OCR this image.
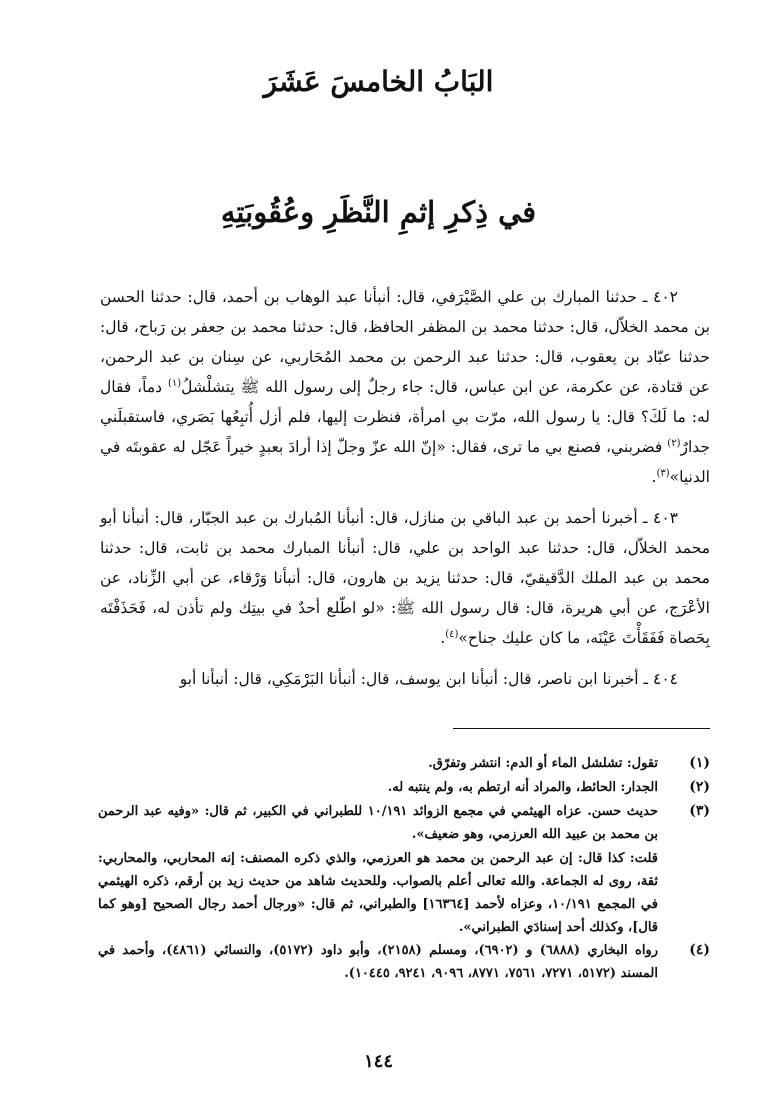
البَابُ الخامسَ عَشَرَ
في ذِكرِ إثمِ النَّظَرِ وعُقُوبَتِهِ

٤٠٢ ـ حدثنا المبارك بن علي الصَّيْرَفي، قال: أنبأنا عبد الوهاب بن أحمد، قال: حدثنا الحسن بن محمد الخلاّل، قال: حدثنا محمد بن المظفر الحافظ، قال: حدثنا محمد بن جعفر بن رَباح، قال: حدثنا عبّاد بن يعقوب، قال: حدثنا عبد الرحمن بن محمد المُحَاربي، عن سِنان بن عبد الرحمن، عن قتادة، عن عكرمة، عن ابن عباس، قال: جاء رجلٌ إلى رسول الله ﷺ يتشلْشلُ$^{(١)}$ دماً، فقال له: ما لَكَ؟ قال: يا رسول الله، مرّت بي امرأة، فنظرت إليها، فلم أزل أُتبِعُها بَصَري، فاستقبلَني جدارٌ$^{(٢)}$ فضربني، فصنع بي ما ترى، فقال: «إنّ الله عزّ وجلّ إذا أرادَ بعبدٍ خيراً عَجّل له عقوبتَه في الدنيا»$^{(٣)}$.

٤٠٣ ـ أخبرنا أحمد بن عبد الباقي بن منازل، قال: أنبأنا المُبارك بن عبد الجبّار، قال: أنبأنا أبو محمد الخلاّل، قال: حدثنا عبد الواحد بن علي، قال: أنبأنا المبارك محمد بن ثابت، قال: حدثنا محمد بن عبد الملك الدَّقيقيّ، قال: حدثنا يزيد بن هارون، قال: أنبأنا وَرْقاء، عن أبي الزِّناد، عن الأعْرَج، عن أبي هريرة، قال: قال رسول الله ﷺ: «لو اطّلع أحدٌ في بيتِك ولم تأذن له، فَحَذَفْتَه بِحَصاة فَفَقَأْتَ عَيْنَه، ما كان عليك جناح»$^{(٤)}$.

٤٠٤ ـ أخبرنا ابن ناصر، قال: أنبأنا ابن يوسف، قال: أنبأنا البَرْمَكِي، قال: أنبأنا أبو

(١)
تقول: تشلشل الماء أو الدم: انتشر وتفرّق.
(٢)
الجدار: الحائط، والمراد أنه ارتطم به، ولم ينتبه له.
(٣)
حديث حسن. عزاه الهيثمي في مجمع الزوائد ١٠/١٩١ للطبراني في الكبير، ثم قال: «وفيه عبد الرحمن بن محمد بن عبيد الله العرزمي، وهو ضعيف».
قلت: كذا قال: إن عبد الرحمن بن محمد هو العرزمي، والذي ذكره المصنف: إنه المحاربي، والمحاربي: ثقة، روى له الجماعة. والله تعالى أعلم بالصواب. وللحديث شاهد من حديث زيد بن أرقم، ذكره الهيثمي في المجمع ١٠/١٩١، وعزاه لأحمد [١٦٣٦٤] والطبراني، ثم قال: «ورجال أحمد رجال الصحيح [وهو كما قال]، وكذلك أحد إسنادَي الطبراني».
(٤)
رواه البخاري (٦٨٨٨) و (٦٩٠٢)، ومسلم (٢١٥٨)، وأبو داود (٥١٧٢)، والنسائي (٤٨٦١)، وأحمد في المسند (٥١٧٢، ٧٢٧١، ٧٥٦١، ٨٧٧١، ٩٠٩٦، ٩٢٤١، ١٠٤٤٥).
١٤٤
